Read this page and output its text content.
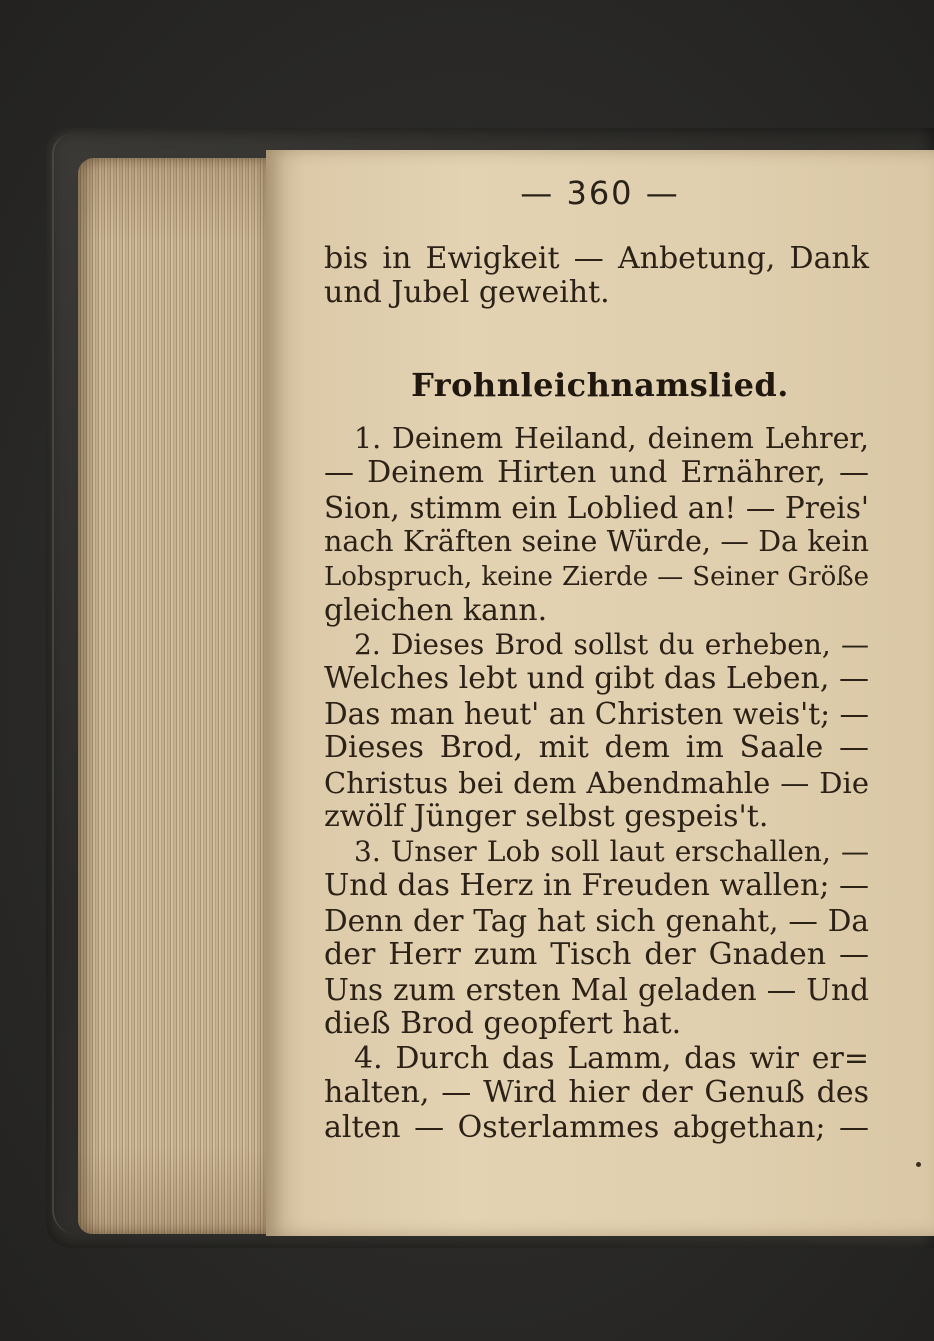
— 360 —
bis in Ewigkeit — Anbetung, Dank
und Jubel geweiht.
Frohnleichnamslied.
1. Deinem Heiland, deinem Lehrer,
— Deinem Hirten und Ernährer, —
Sion, stimm ein Loblied an! — Preis'
nach Kräften seine Würde, — Da kein
Lobspruch, keine Zierde — Seiner Größe
gleichen kann.
2. Dieses Brod sollst du erheben, —
Welches lebt und gibt das Leben, —
Das man heut' an Christen weis't; —
Dieses Brod, mit dem im Saale —
Christus bei dem Abendmahle — Die
zwölf Jünger selbst gespeis't.
3. Unser Lob soll laut erschallen, —
Und das Herz in Freuden wallen; —
Denn der Tag hat sich genaht, — Da
der Herr zum Tisch der Gnaden —
Uns zum ersten Mal geladen — Und
dieß Brod geopfert hat.
4. Durch das Lamm, das wir er=
halten, — Wird hier der Genuß des
alten — Osterlammes abgethan; —
